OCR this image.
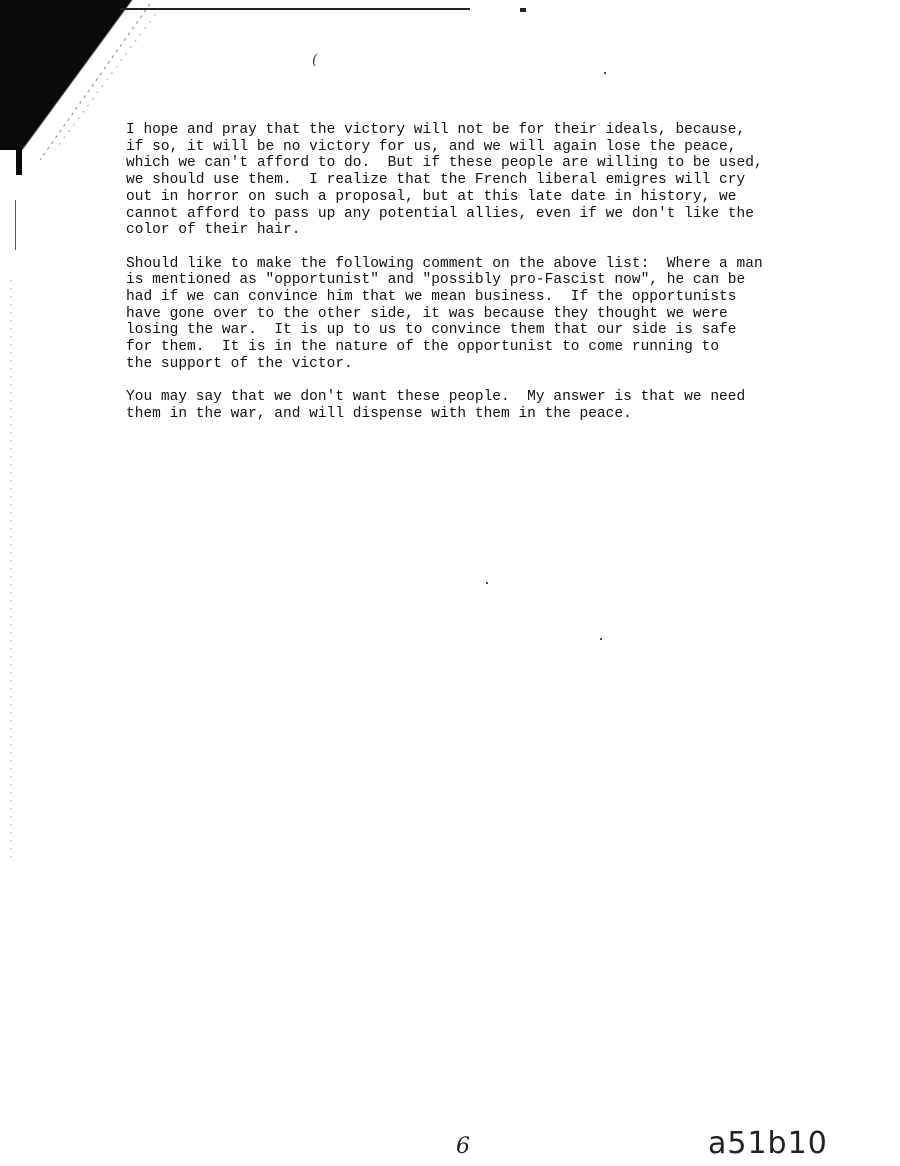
(

I hope and pray that the victory will not be for their ideals, because,
if so, it will be no victory for us, and we will again lose the peace,
which we can't afford to do.  But if these people are willing to be used,
we should use them.  I realize that the French liberal emigres will cry
out in horror on such a proposal, but at this late date in history, we
cannot afford to pass up any potential allies, even if we don't like the
color of their hair.

Should like to make the following comment on the above list:  Where a man
is mentioned as "opportunist" and "possibly pro-Fascist now", he can be
had if we can convince him that we mean business.  If the opportunists
have gone over to the other side, it was because they thought we were
losing the war.  It is up to us to convince them that our side is safe
for them.  It is in the nature of the opportunist to come running to
the support of the victor.

You may say that we don't want these people.  My answer is that we need
them in the war, and will dispense with them in the peace.

6	a51b10
